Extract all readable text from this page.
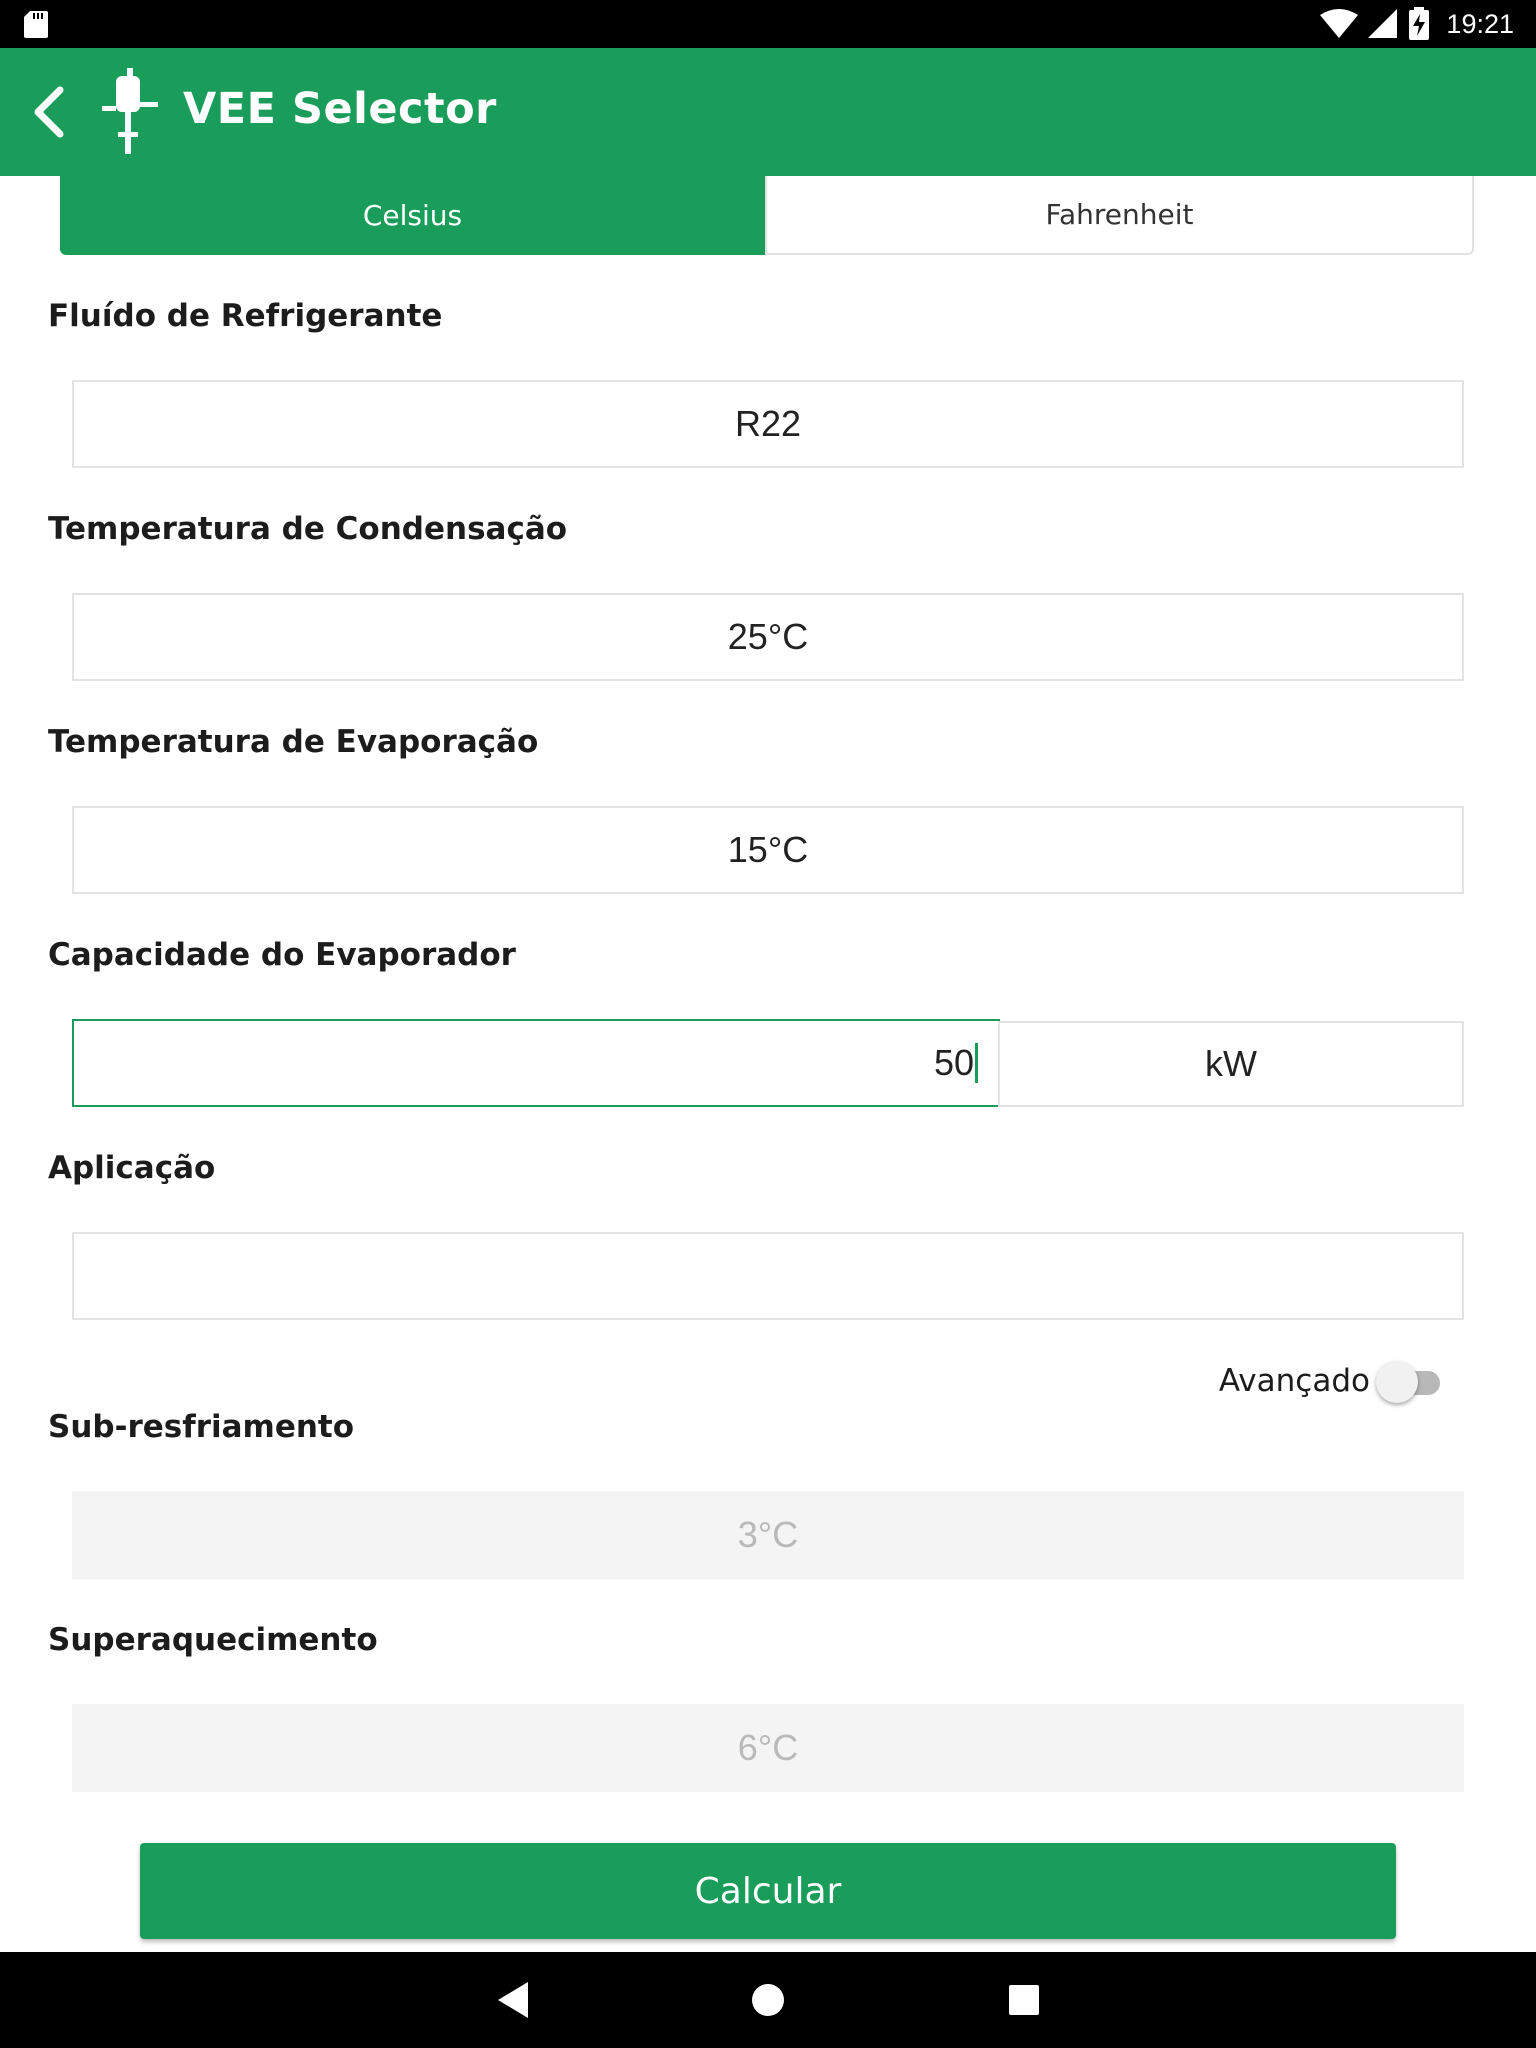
19:21
VEE Selector
Celsius	Fahrenheit
Fluído de Refrigerante
R22
Temperatura de Condensação
25°C
Temperatura de Evaporação
15°C
Capacidade do Evaporador
50	kW
Aplicação
Avançado
Sub-resfriamento
3°C
Superaquecimento
6°C
Calcular
